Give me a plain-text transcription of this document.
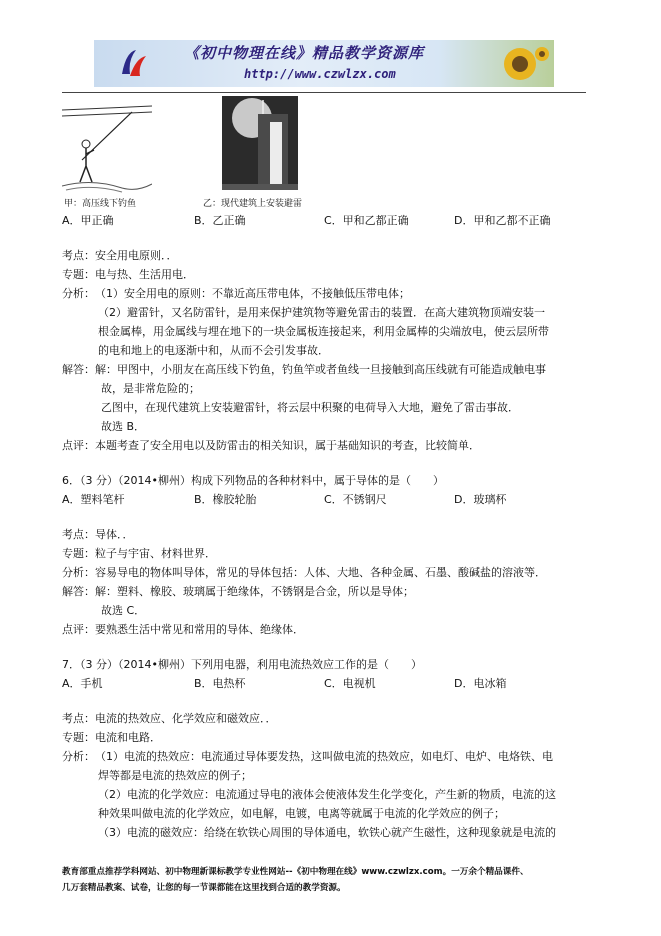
《初中物理在线》精品教学资源库
http://www.czwlzx.com
甲：高压线下钓鱼	乙：现代建筑上安装避雷
A．甲正确	B．乙正确	C．甲和乙都正确	D．甲和乙都不正确
考点：安全用电原则．．
专题：电与热、生活用电．
分析：（1）安全用电的原则：不靠近高压带电体，不接触低压带电体；
（2）避雷针，又名防雷针，是用来保护建筑物等避免雷击的装置．在高大建筑物顶端安装一
根金属棒，用金属线与埋在地下的一块金属板连接起来，利用金属棒的尖端放电，使云层所带
的电和地上的电逐渐中和，从而不会引发事故．
解答：解：甲图中，小朋友在高压线下钓鱼，钓鱼竿或者鱼线一旦接触到高压线就有可能造成触电事
故，是非常危险的；
乙图中，在现代建筑上安装避雷针，将云层中积聚的电荷导入大地，避免了雷击事故．
故选 B．
点评：本题考查了安全用电以及防雷击的相关知识，属于基础知识的考查，比较简单．
6．（3 分）（2014•柳州）构成下列物品的各种材料中，属于导体的是（　　）
A．塑料笔杆	B．橡胶轮胎	C．不锈钢尺	D．玻璃杯
考点：导体．．
专题：粒子与宇宙、材料世界．
分析：容易导电的物体叫导体，常见的导体包括：人体、大地、各种金属、石墨、酸碱盐的溶液等．
解答：解：塑料、橡胶、玻璃属于绝缘体，不锈钢是合金，所以是导体；
故选 C．
点评：要熟悉生活中常见和常用的导体、绝缘体．
7．（3 分）（2014•柳州）下列用电器，利用电流热效应工作的是（　　）
A．手机	B．电热杯	C．电视机	D．电冰箱
考点：电流的热效应、化学效应和磁效应．．
专题：电流和电路．
分析：（1）电流的热效应：电流通过导体要发热，这叫做电流的热效应，如电灯、电炉、电烙铁、电
焊等都是电流的热效应的例子；
（2）电流的化学效应：电流通过导电的液体会使液体发生化学变化，产生新的物质，电流的这
种效果叫做电流的化学效应，如电解，电镀，电离等就属于电流的化学效应的例子；
（3）电流的磁效应：给绕在软铁心周围的导体通电，软铁心就产生磁性，这种现象就是电流的
教育部重点推荐学科网站、初中物理新课标教学专业性网站--《初中物理在线》www.czwlzx.com。一万余个精品课件、
几万套精品教案、试卷，让您的每一节课都能在这里找到合适的教学资源。
